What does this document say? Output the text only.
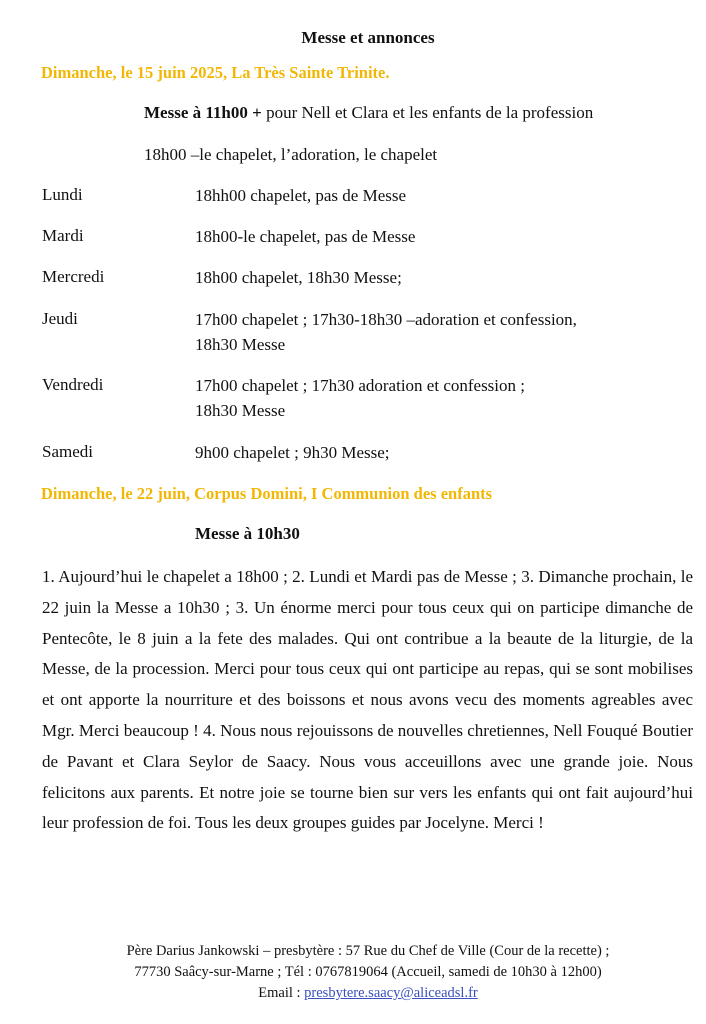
Messe et annonces
Dimanche, le 15 juin 2025, La Très Sainte Trinite.
Messe à 11h00 + pour Nell et Clara et les enfants de la profession
18h00 –le chapelet, l’adoration, le chapelet
Lundi	18hh00 chapelet, pas de Messe
Mardi	18h00-le chapelet, pas de Messe
Mercredi	18h00 chapelet, 18h30 Messe;
Jeudi	17h00 chapelet ; 17h30-18h30 –adoration et confession,
18h30 Messe
Vendredi	17h00 chapelet ; 17h30 adoration et confession ;
18h30 Messe
Samedi	9h00 chapelet ; 9h30 Messe;
Dimanche, le 22 juin, Corpus Domini, I Communion des enfants
Messe à 10h30
1. Aujourd’hui le chapelet a 18h00 ; 2. Lundi et Mardi pas de Messe ; 3. Dimanche prochain, le 22 juin la Messe a 10h30 ; 3. Un énorme merci pour tous ceux qui on participe dimanche de Pentecôte, le 8 juin a la fete des malades. Qui ont contribue a la beaute de la liturgie, de la Messe, de la procession. Merci pour tous ceux qui ont participe au repas, qui se sont mobilises et ont apporte la nourriture et des boissons et nous avons vecu des moments agreables avec Mgr. Merci beaucoup ! 4. Nous nous rejouissons de nouvelles chretiennes, Nell Fouqué Boutier de Pavant et Clara Seylor de Saacy. Nous vous acceuillons avec une grande joie. Nous felicitons aux parents. Et notre joie se tourne bien sur vers les enfants qui ont fait aujourd’hui leur profession de foi. Tous les deux groupes guides par Jocelyne. Merci !
Père Darius Jankowski – presbytère : 57 Rue du Chef de Ville (Cour de la recette) ;
77730 Saâcy-sur-Marne ; Tél : 0767819064 (Accueil, samedi de 10h30 à 12h00)
Email : presbytere.saacy@aliceadsl.fr
